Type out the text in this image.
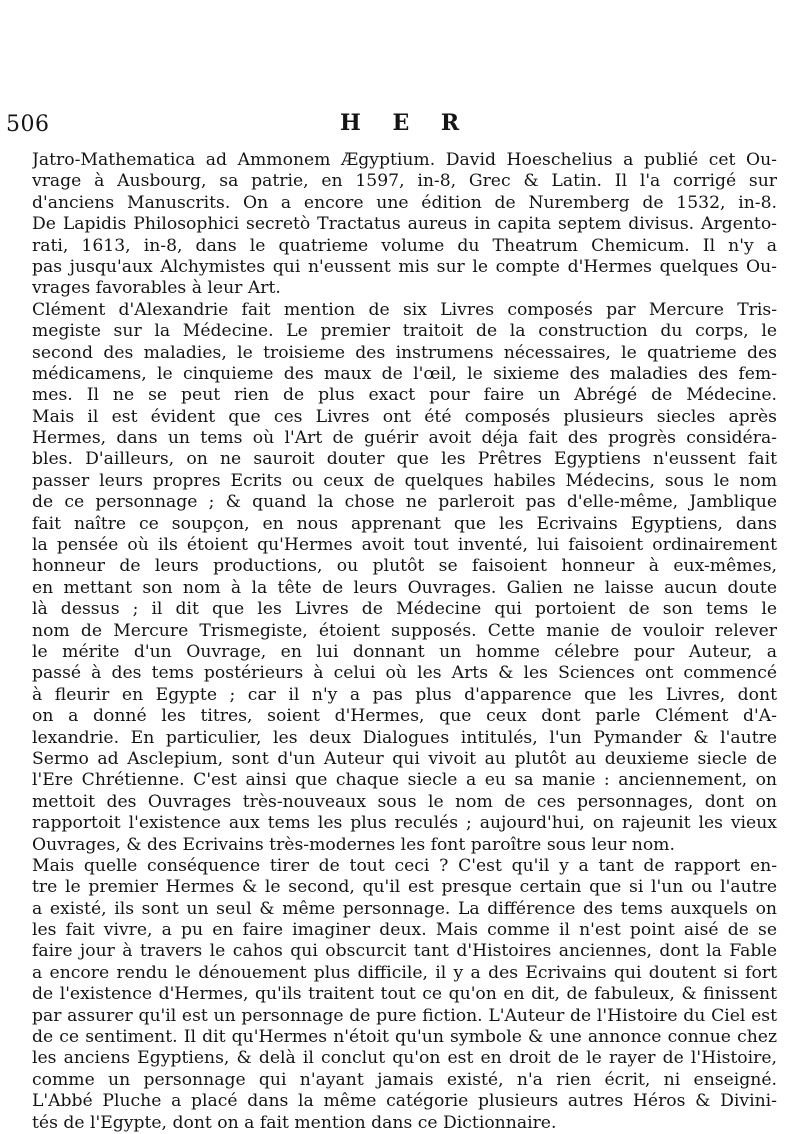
506	H E R
Jatro-Mathematica ad Ammonem Ægyptium. David Hoeschelius a publié cet Ou-
vrage à Ausbourg, sa patrie, en 1597, in-8, Grec & Latin. Il l'a corrigé sur
d'anciens Manuscrits. On a encore une édition de Nuremberg de 1532, in-8.
De Lapidis Philosophici secretò Tractatus aureus in capita septem divisus. Argento-
rati, 1613, in-8, dans le quatrieme volume du Theatrum Chemicum. Il n'y a
pas jusqu'aux Alchymistes qui n'eussent mis sur le compte d'Hermes quelques Ou-
vrages favorables à leur Art.
Clément d'Alexandrie fait mention de six Livres composés par Mercure Tris-
megiste sur la Médecine. Le premier traitoit de la construction du corps, le
second des maladies, le troisieme des instrumens nécessaires, le quatrieme des
médicamens, le cinquieme des maux de l'œil, le sixieme des maladies des fem-
mes. Il ne se peut rien de plus exact pour faire un Abrégé de Médecine.
Mais il est évident que ces Livres ont été composés plusieurs siecles après
Hermes, dans un tems où l'Art de guérir avoit déja fait des progrès considéra-
bles. D'ailleurs, on ne sauroit douter que les Prêtres Egyptiens n'eussent fait
passer leurs propres Ecrits ou ceux de quelques habiles Médecins, sous le nom
de ce personnage ; & quand la chose ne parleroit pas d'elle-même, Jamblique
fait naître ce soupçon, en nous apprenant que les Ecrivains Egyptiens, dans
la pensée où ils étoient qu'Hermes avoit tout inventé, lui faisoient ordinairement
honneur de leurs productions, ou plutôt se faisoient honneur à eux-mêmes,
en mettant son nom à la tête de leurs Ouvrages. Galien ne laisse aucun doute
là dessus ; il dit que les Livres de Médecine qui portoient de son tems le
nom de Mercure Trismegiste, étoient supposés. Cette manie de vouloir relever
le mérite d'un Ouvrage, en lui donnant un homme célebre pour Auteur, a
passé à des tems postérieurs à celui où les Arts & les Sciences ont commencé
à fleurir en Egypte ; car il n'y a pas plus d'apparence que les Livres, dont
on a donné les titres, soient d'Hermes, que ceux dont parle Clément d'A-
lexandrie. En particulier, les deux Dialogues intitulés, l'un Pymander & l'autre
Sermo ad Asclepium, sont d'un Auteur qui vivoit au plutôt au deuxieme siecle de
l'Ere Chrétienne. C'est ainsi que chaque siecle a eu sa manie : anciennement, on
mettoit des Ouvrages très-nouveaux sous le nom de ces personnages, dont on
rapportoit l'existence aux tems les plus reculés ; aujourd'hui, on rajeunit les vieux
Ouvrages, & des Ecrivains très-modernes les font paroître sous leur nom.
Mais quelle conséquence tirer de tout ceci ? C'est qu'il y a tant de rapport en-
tre le premier Hermes & le second, qu'il est presque certain que si l'un ou l'autre
a existé, ils sont un seul & même personnage. La différence des tems auxquels on
les fait vivre, a pu en faire imaginer deux. Mais comme il n'est point aisé de se
faire jour à travers le cahos qui obscurcit tant d'Histoires anciennes, dont la Fable
a encore rendu le dénouement plus difficile, il y a des Ecrivains qui doutent si fort
de l'existence d'Hermes, qu'ils traitent tout ce qu'on en dit, de fabuleux, & finissent
par assurer qu'il est un personnage de pure fiction. L'Auteur de l'Histoire du Ciel est
de ce sentiment. Il dit qu'Hermes n'étoit qu'un symbole & une annonce connue chez
les anciens Egyptiens, & delà il conclut qu'on est en droit de le rayer de l'Histoire,
comme un personnage qui n'ayant jamais existé, n'a rien écrit, ni enseigné.
L'Abbé Pluche a placé dans la même catégorie plusieurs autres Héros & Divini-
tés de l'Egypte, dont on a fait mention dans ce Dictionnaire.
